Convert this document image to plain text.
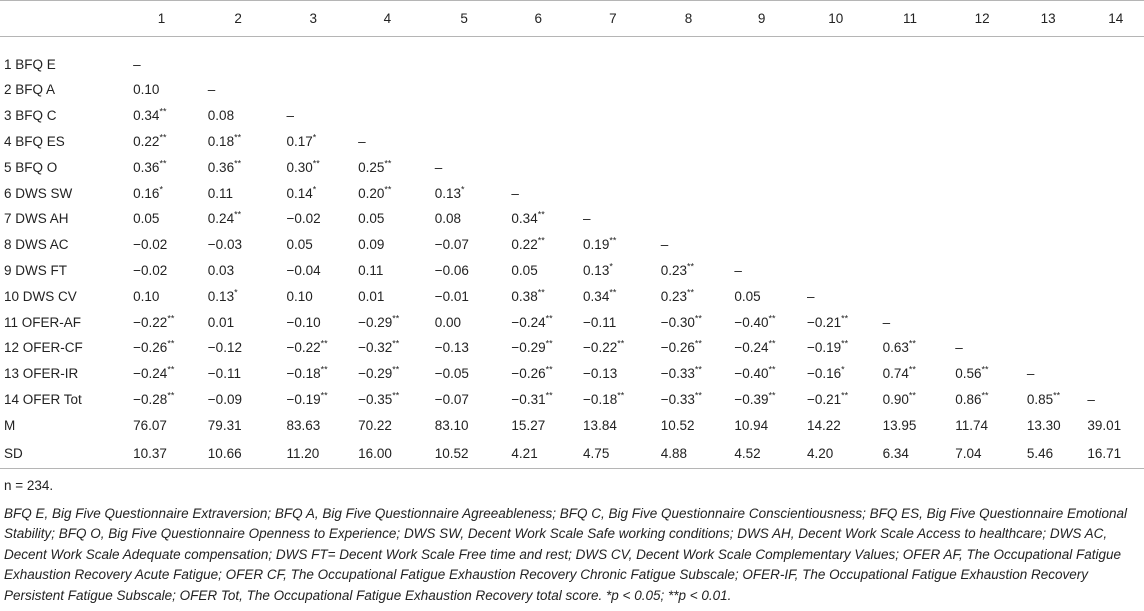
	1	2	3	4	5	6	7	8	9	10	11	12	13	14
1 BFQ E	–													
2 BFQ A	0.10	–												
3 BFQ C	0.34**	0.08	–											
4 BFQ ES	0.22**	0.18**	0.17*	–										
5 BFQ O	0.36**	0.36**	0.30**	0.25**	–									
6 DWS SW	0.16*	0.11	0.14*	0.20**	0.13*	–								
7 DWS AH	0.05	0.24**	−0.02	0.05	0.08	0.34**	–							
8 DWS AC	−0.02	−0.03	0.05	0.09	−0.07	0.22**	0.19**	–						
9 DWS FT	−0.02	0.03	−0.04	0.11	−0.06	0.05	0.13*	0.23**	–					
10 DWS CV	0.10	0.13*	0.10	0.01	−0.01	0.38**	0.34**	0.23**	0.05	–				
11 OFER-AF	−0.22**	0.01	−0.10	−0.29**	0.00	−0.24**	−0.11	−0.30**	−0.40**	−0.21**	–			
12 OFER-CF	−0.26**	−0.12	−0.22**	−0.32**	−0.13	−0.29**	−0.22**	−0.26**	−0.24**	−0.19**	0.63**	–		
13 OFER-IR	−0.24**	−0.11	−0.18**	−0.29**	−0.05	−0.26**	−0.13	−0.33**	−0.40**	−0.16*	0.74**	0.56**	–	
14 OFER Tot	−0.28**	−0.09	−0.19**	−0.35**	−0.07	−0.31**	−0.18**	−0.33**	−0.39**	−0.21**	0.90**	0.86**	0.85**	–
M	76.07	79.31	83.63	70.22	83.10	15.27	13.84	10.52	10.94	14.22	13.95	11.74	13.30	39.01
SD	10.37	10.66	11.20	16.00	10.52	4.21	4.75	4.88	4.52	4.20	6.34	7.04	5.46	16.71

n = 234.

BFQ E, Big Five Questionnaire Extraversion; BFQ A, Big Five Questionnaire Agreeableness; BFQ C, Big Five Questionnaire Conscientiousness; BFQ ES, Big Five Questionnaire Emotional Stability; BFQ O, Big Five Questionnaire Openness to Experience; DWS SW, Decent Work Scale Safe working conditions; DWS AH, Decent Work Scale Access to healthcare; DWS AC, Decent Work Scale Adequate compensation; DWS FT= Decent Work Scale Free time and rest; DWS CV, Decent Work Scale Complementary Values; OFER AF, The Occupational Fatigue Exhaustion Recovery Acute Fatigue; OFER CF, The Occupational Fatigue Exhaustion Recovery Chronic Fatigue Subscale; OFER-IF, The Occupational Fatigue Exhaustion Recovery Persistent Fatigue Subscale; OFER Tot, The Occupational Fatigue Exhaustion Recovery total score. *p < 0.05; **p < 0.01.
